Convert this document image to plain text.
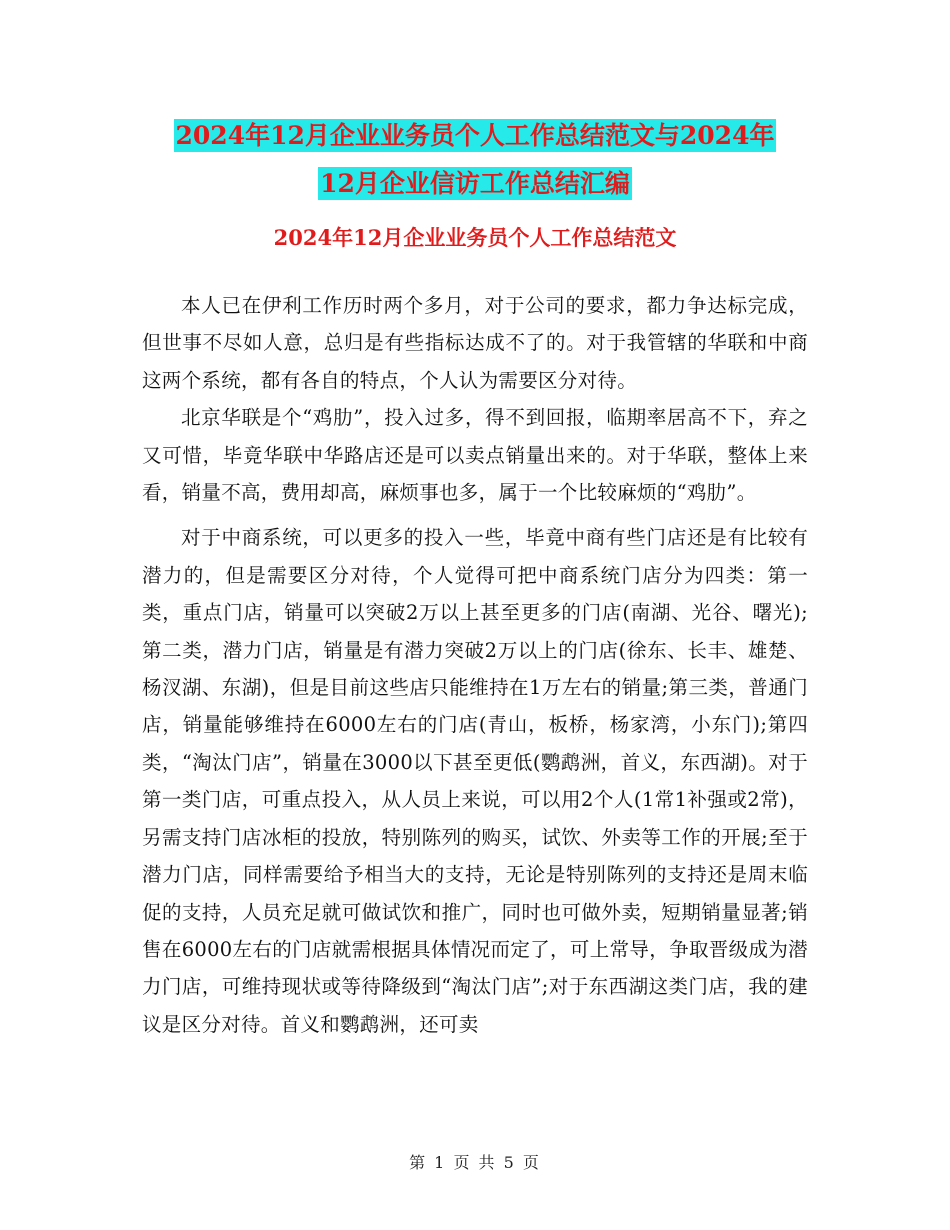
2024年12月企业业务员个人工作总结范文与2024年
12月企业信访工作总结汇编
2024年12月企业业务员个人工作总结范文

本人已在伊利工作历时两个多月，对于公司的要求，都力争达标完成，但世事不尽如人意，总归是有些指标达成不了的。对于我管辖的华联和中商这两个系统，都有各自的特点，个人认为需要区分对待。

北京华联是个“鸡肋”，投入过多，得不到回报，临期率居高不下，弃之又可惜，毕竟华联中华路店还是可以卖点销量出来的。对于华联，整体上来看，销量不高，费用却高，麻烦事也多，属于一个比较麻烦的“鸡肋”。

对于中商系统，可以更多的投入一些，毕竟中商有些门店还是有比较有潜力的，但是需要区分对待，个人觉得可把中商系统门店分为四类：第一类，重点门店，销量可以突破2万以上甚至更多的门店(南湖、光谷、曙光);第二类，潜力门店，销量是有潜力突破2万以上的门店(徐东、长丰、雄楚、杨汊湖、东湖)，但是目前这些店只能维持在1万左右的销量;第三类，普通门店，销量能够维持在6000左右的门店(青山，板桥，杨家湾，小东门);第四类，“淘汰门店”，销量在3000以下甚至更低(鹦鹉洲，首义，东西湖)。对于第一类门店，可重点投入，从人员上来说，可以用2个人(1常1补强或2常)，另需支持门店冰柜的投放，特别陈列的购买，试饮、外卖等工作的开展;至于潜力门店，同样需要给予相当大的支持，无论是特别陈列的支持还是周末临促的支持，人员充足就可做试饮和推广，同时也可做外卖，短期销量显著;销售在6000左右的门店就需根据具体情况而定了，可上常导，争取晋级成为潜力门店，可维持现状或等待降级到“淘汰门店”;对于东西湖这类门店，我的建议是区分对待。首义和鹦鹉洲，还可卖

第 1 页 共 5 页
